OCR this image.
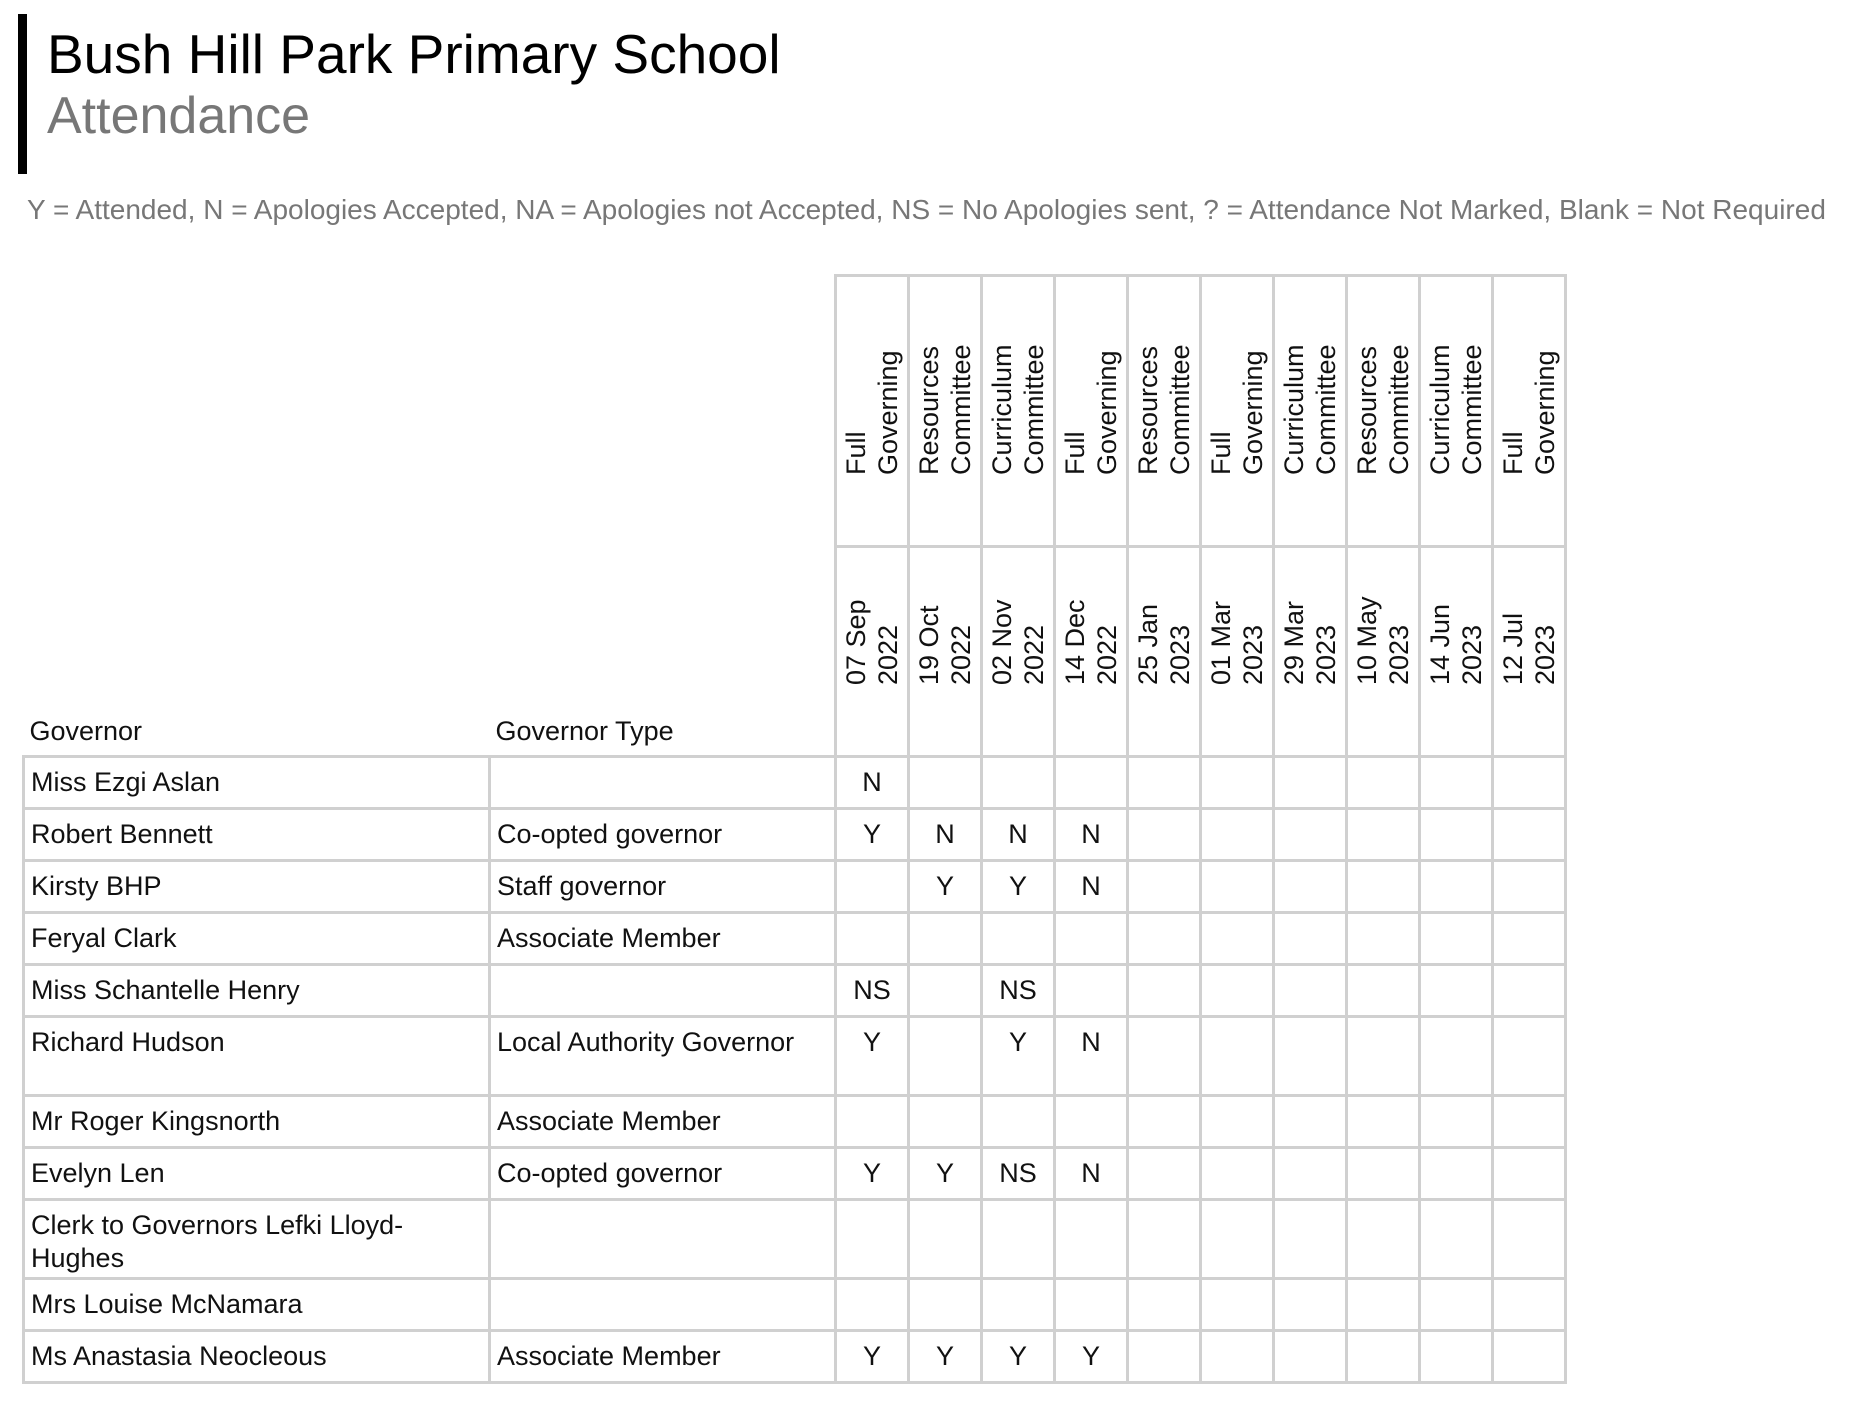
Bush Hill Park Primary School
Attendance
Y = Attended, N = Apologies Accepted, NA = Apologies not Accepted, NS = No Apologies sent, ? = Attendance Not Marked, Blank = Not Required

		Full Governing	Resources Committee	Curriculum Committee	Full Governing	Resources Committee	Full Governing	Curriculum Committee	Resources Committee	Curriculum Committee	Full Governing

Governor	Governor Type	07 Sep 2022	19 Oct 2022	02 Nov 2022	14 Dec 2022	25 Jan 2023	01 Mar 2023	29 Mar 2023	10 May 2023	14 Jun 2023	12 Jul 2023

Miss Ezgi Aslan		N									
Robert Bennett	Co-opted governor	Y	N	N	N						
Kirsty BHP	Staff governor		Y	Y	N						
Feryal Clark	Associate Member										
Miss Schantelle Henry		NS		NS							
Richard Hudson	Local Authority Governor	Y		Y	N						
Mr Roger Kingsnorth	Associate Member										
Evelyn Len	Co-opted governor	Y	Y	NS	N						
Clerk to Governors Lefki Lloyd-Hughes											
Mrs Louise McNamara											
Ms Anastasia Neocleous	Associate Member	Y	Y	Y	Y						
